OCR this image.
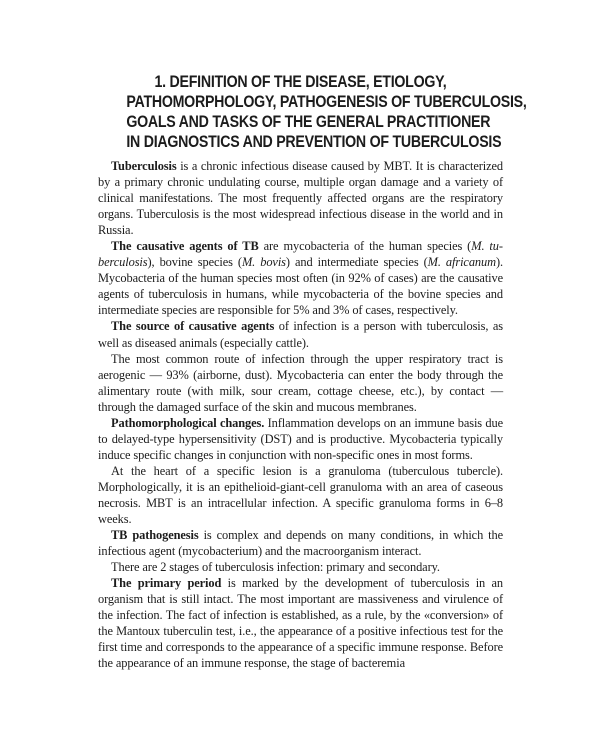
1. DEFINITION OF THE DISEASE, ETIOLOGY,
PATHOMORPHOLOGY, PATHOGENESIS OF TUBERCULOSIS,
GOALS AND TASKS OF THE GENERAL PRACTITIONER
IN DIAGNOSTICS AND PREVENTION OF TUBERCULOSIS

Tuberculosis is a chronic infectious disease caused by MBT. It is characterized by a primary chronic undulating course, multiple organ damage and a variety of clinical manifestations. The most frequently affected organs are the respiratory organs. Tuberculosis is the most widespread infectious disease in the world and in Russia.

The causative agents of TB are mycobacteria of the human species (M. tuberculosis), bovine species (M. bovis) and intermediate species (M. africanum). Mycobacteria of the human species most often (in 92% of cases) are the causative agents of tuberculosis in humans, while mycobacteria of the bovine species and intermediate species are responsible for 5% and 3% of cases, respectively.

The source of causative agents of infection is a person with tuberculosis, as well as diseased animals (especially cattle).

The most common route of infection through the upper respiratory tract is aerogenic — 93% (airborne, dust). Mycobacteria can enter the body through the alimentary route (with milk, sour cream, cottage cheese, etc.), by contact — through the damaged surface of the skin and mucous membranes.

Pathomorphological changes. Inflammation develops on an immune basis due to delayed-type hypersensitivity (DST) and is productive. Mycobacteria typically induce specific changes in conjunction with non-specific ones in most forms.

At the heart of a specific lesion is a granuloma (tuberculous tubercle). Morphologically, it is an epithelioid-giant-cell granuloma with an area of caseous necrosis. MBT is an intracellular infection. A specific granuloma forms in 6–8 weeks.

TB pathogenesis is complex and depends on many conditions, in which the infectious agent (mycobacterium) and the macroorganism interact.

There are 2 stages of tuberculosis infection: primary and secondary.

The primary period is marked by the development of tuberculosis in an organism that is still intact. The most important are massiveness and virulence of the infection. The fact of infection is established, as a rule, by the «conversion» of the Mantoux tuberculin test, i.e., the appearance of a positive infectious test for the first time and corresponds to the appearance of a specific immune response. Before the appearance of an immune response, the stage of bacteremia
